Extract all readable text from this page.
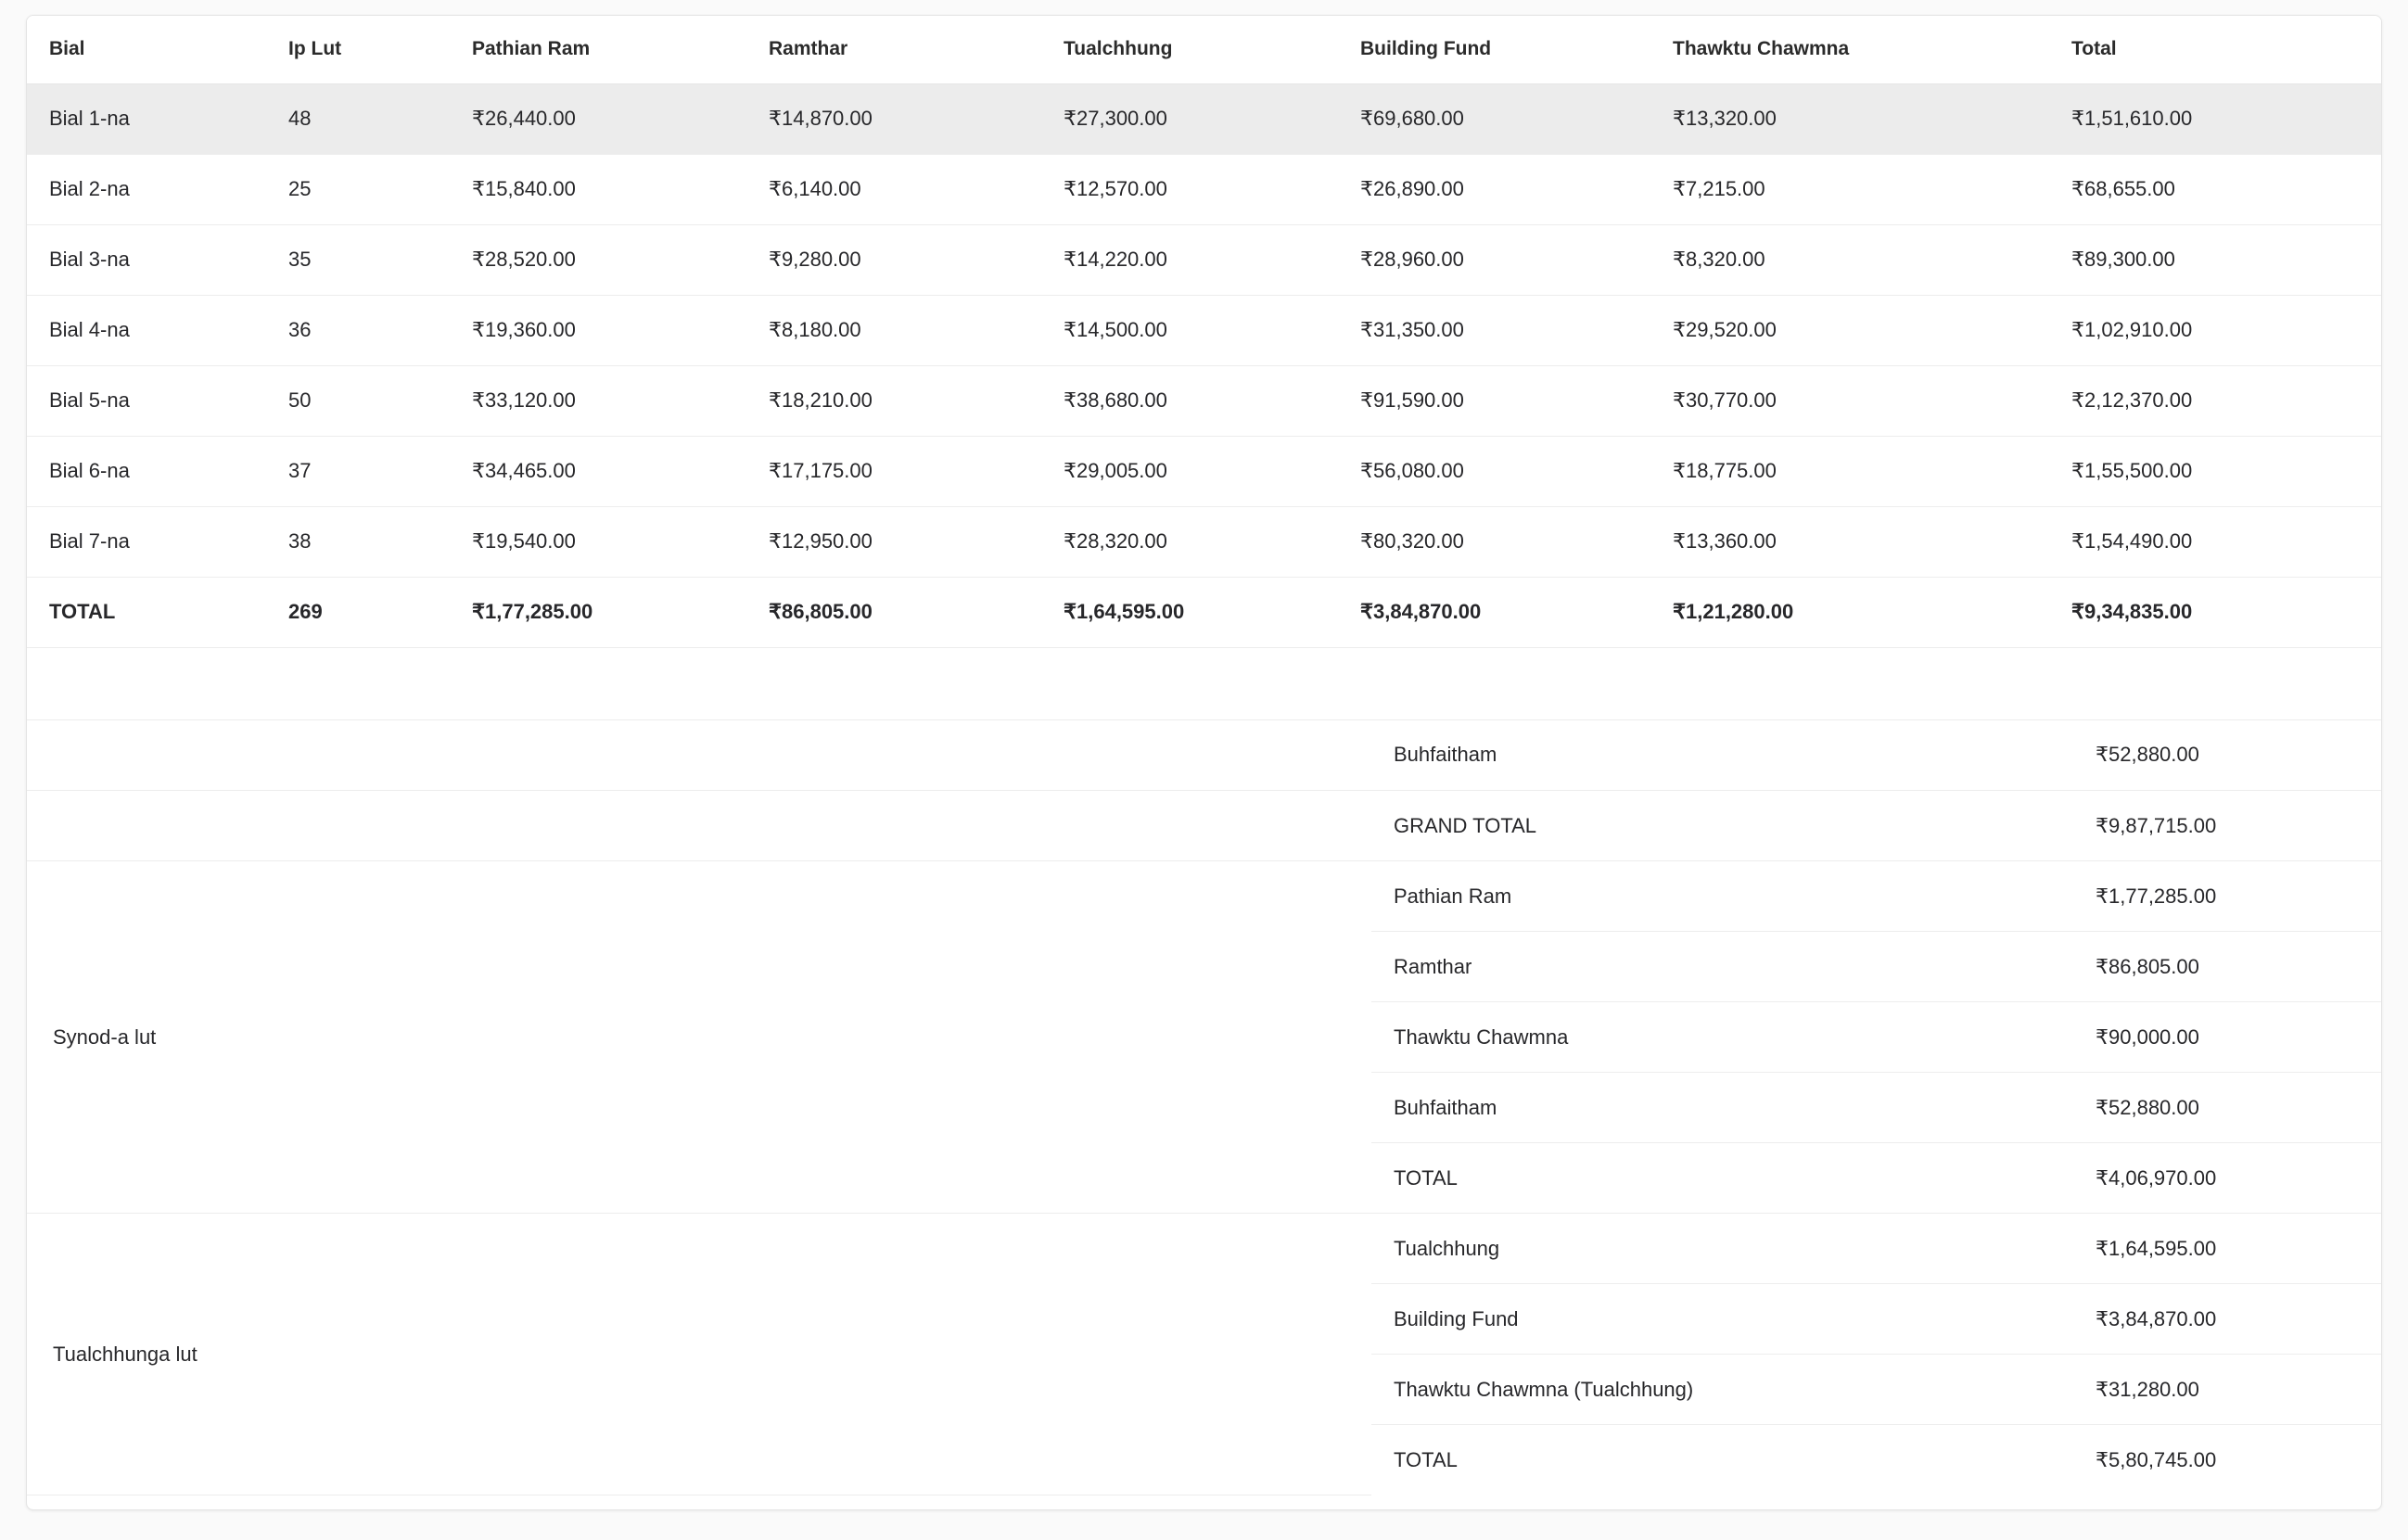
Bial	Ip Lut	Pathian Ram	Ramthar	Tualchhung	Building Fund	Thawktu Chawmna	Total
Bial 1-na	48	₹26,440.00	₹14,870.00	₹27,300.00	₹69,680.00	₹13,320.00	₹1,51,610.00
Bial 2-na	25	₹15,840.00	₹6,140.00	₹12,570.00	₹26,890.00	₹7,215.00	₹68,655.00
Bial 3-na	35	₹28,520.00	₹9,280.00	₹14,220.00	₹28,960.00	₹8,320.00	₹89,300.00
Bial 4-na	36	₹19,360.00	₹8,180.00	₹14,500.00	₹31,350.00	₹29,520.00	₹1,02,910.00
Bial 5-na	50	₹33,120.00	₹18,210.00	₹38,680.00	₹91,590.00	₹30,770.00	₹2,12,370.00
Bial 6-na	37	₹34,465.00	₹17,175.00	₹29,005.00	₹56,080.00	₹18,775.00	₹1,55,500.00
Bial 7-na	38	₹19,540.00	₹12,950.00	₹28,320.00	₹80,320.00	₹13,360.00	₹1,54,490.00
TOTAL	269	₹1,77,285.00	₹86,805.00	₹1,64,595.00	₹3,84,870.00	₹1,21,280.00	₹9,34,835.00

	Buhfaitham	₹52,880.00
	GRAND TOTAL	₹9,87,715.00
Synod-a lut	Pathian Ram	₹1,77,285.00
	Ramthar	₹86,805.00
	Thawktu Chawmna	₹90,000.00
	Buhfaitham	₹52,880.00
	TOTAL	₹4,06,970.00
Tualchhunga lut	Tualchhung	₹1,64,595.00
	Building Fund	₹3,84,870.00
	Thawktu Chawmna (Tualchhung)	₹31,280.00
	TOTAL	₹5,80,745.00
